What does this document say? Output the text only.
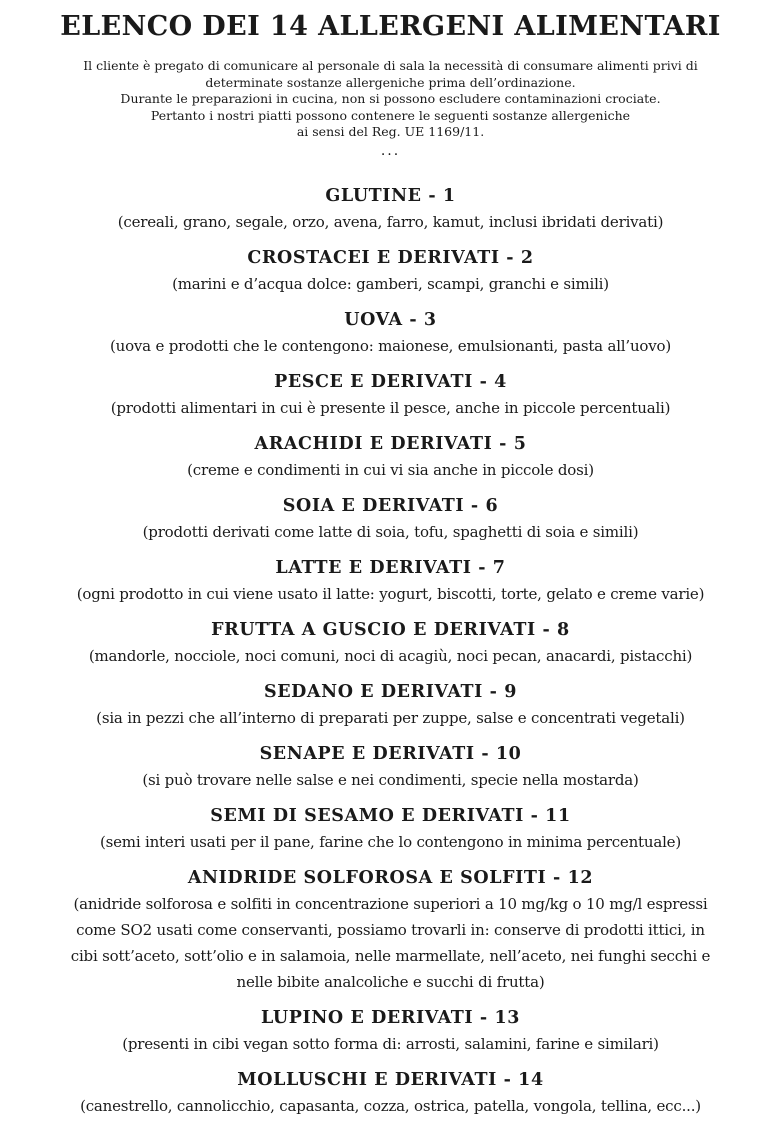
ELENCO DEI 14 ALLERGENI ALIMENTARI
Il cliente è pregato di comunicare al personale di sala la necessità di consumare alimenti privi di
determinate sostanze allergeniche prima dell’ordinazione.
Durante le preparazioni in cucina, non si possono escludere contaminazioni crociate.
Pertanto i nostri piatti possono contenere le seguenti sostanze allergeniche
ai sensi del Reg. UE 1169/11.
...
GLUTINE - 1
(cereali, grano, segale, orzo, avena, farro, kamut, inclusi ibridati derivati)
CROSTACEI E DERIVATI - 2
(marini e d’acqua dolce: gamberi, scampi, granchi e simili)
UOVA - 3
(uova e prodotti che le contengono: maionese, emulsionanti, pasta all’uovo)
PESCE E DERIVATI - 4
(prodotti alimentari in cui è presente il pesce, anche in piccole percentuali)
ARACHIDI E DERIVATI - 5
(creme e condimenti in cui vi sia anche in piccole dosi)
SOIA E DERIVATI - 6
(prodotti derivati come latte di soia, tofu, spaghetti di soia e simili)
LATTE E DERIVATI - 7
(ogni prodotto in cui viene usato il latte: yogurt, biscotti, torte, gelato e creme varie)
FRUTTA A GUSCIO E DERIVATI - 8
(mandorle, nocciole, noci comuni, noci di acagiù, noci pecan, anacardi, pistacchi)
SEDANO E DERIVATI - 9
(sia in pezzi che all’interno di preparati per zuppe, salse e concentrati vegetali)
SENAPE E DERIVATI - 10
(si può trovare nelle salse e nei condimenti, specie nella mostarda)
SEMI DI SESAMO E DERIVATI - 11
(semi interi usati per il pane, farine che lo contengono in minima percentuale)
ANIDRIDE SOLFOROSA E SOLFITI - 12
(anidride solforosa e solfiti in concentrazione superiori a 10 mg/kg o 10 mg/l espressi
come SO2 usati come conservanti, possiamo trovarli in: conserve di prodotti ittici, in
cibi sott’aceto, sott’olio e in salamoia, nelle marmellate, nell’aceto, nei funghi secchi e
nelle bibite analcoliche e succhi di frutta)
LUPINO E DERIVATI - 13
(presenti in cibi vegan sotto forma di: arrosti, salamini, farine e similari)
MOLLUSCHI E DERIVATI - 14
(canestrello, cannolicchio, capasanta, cozza, ostrica, patella, vongola, tellina, ecc...)
